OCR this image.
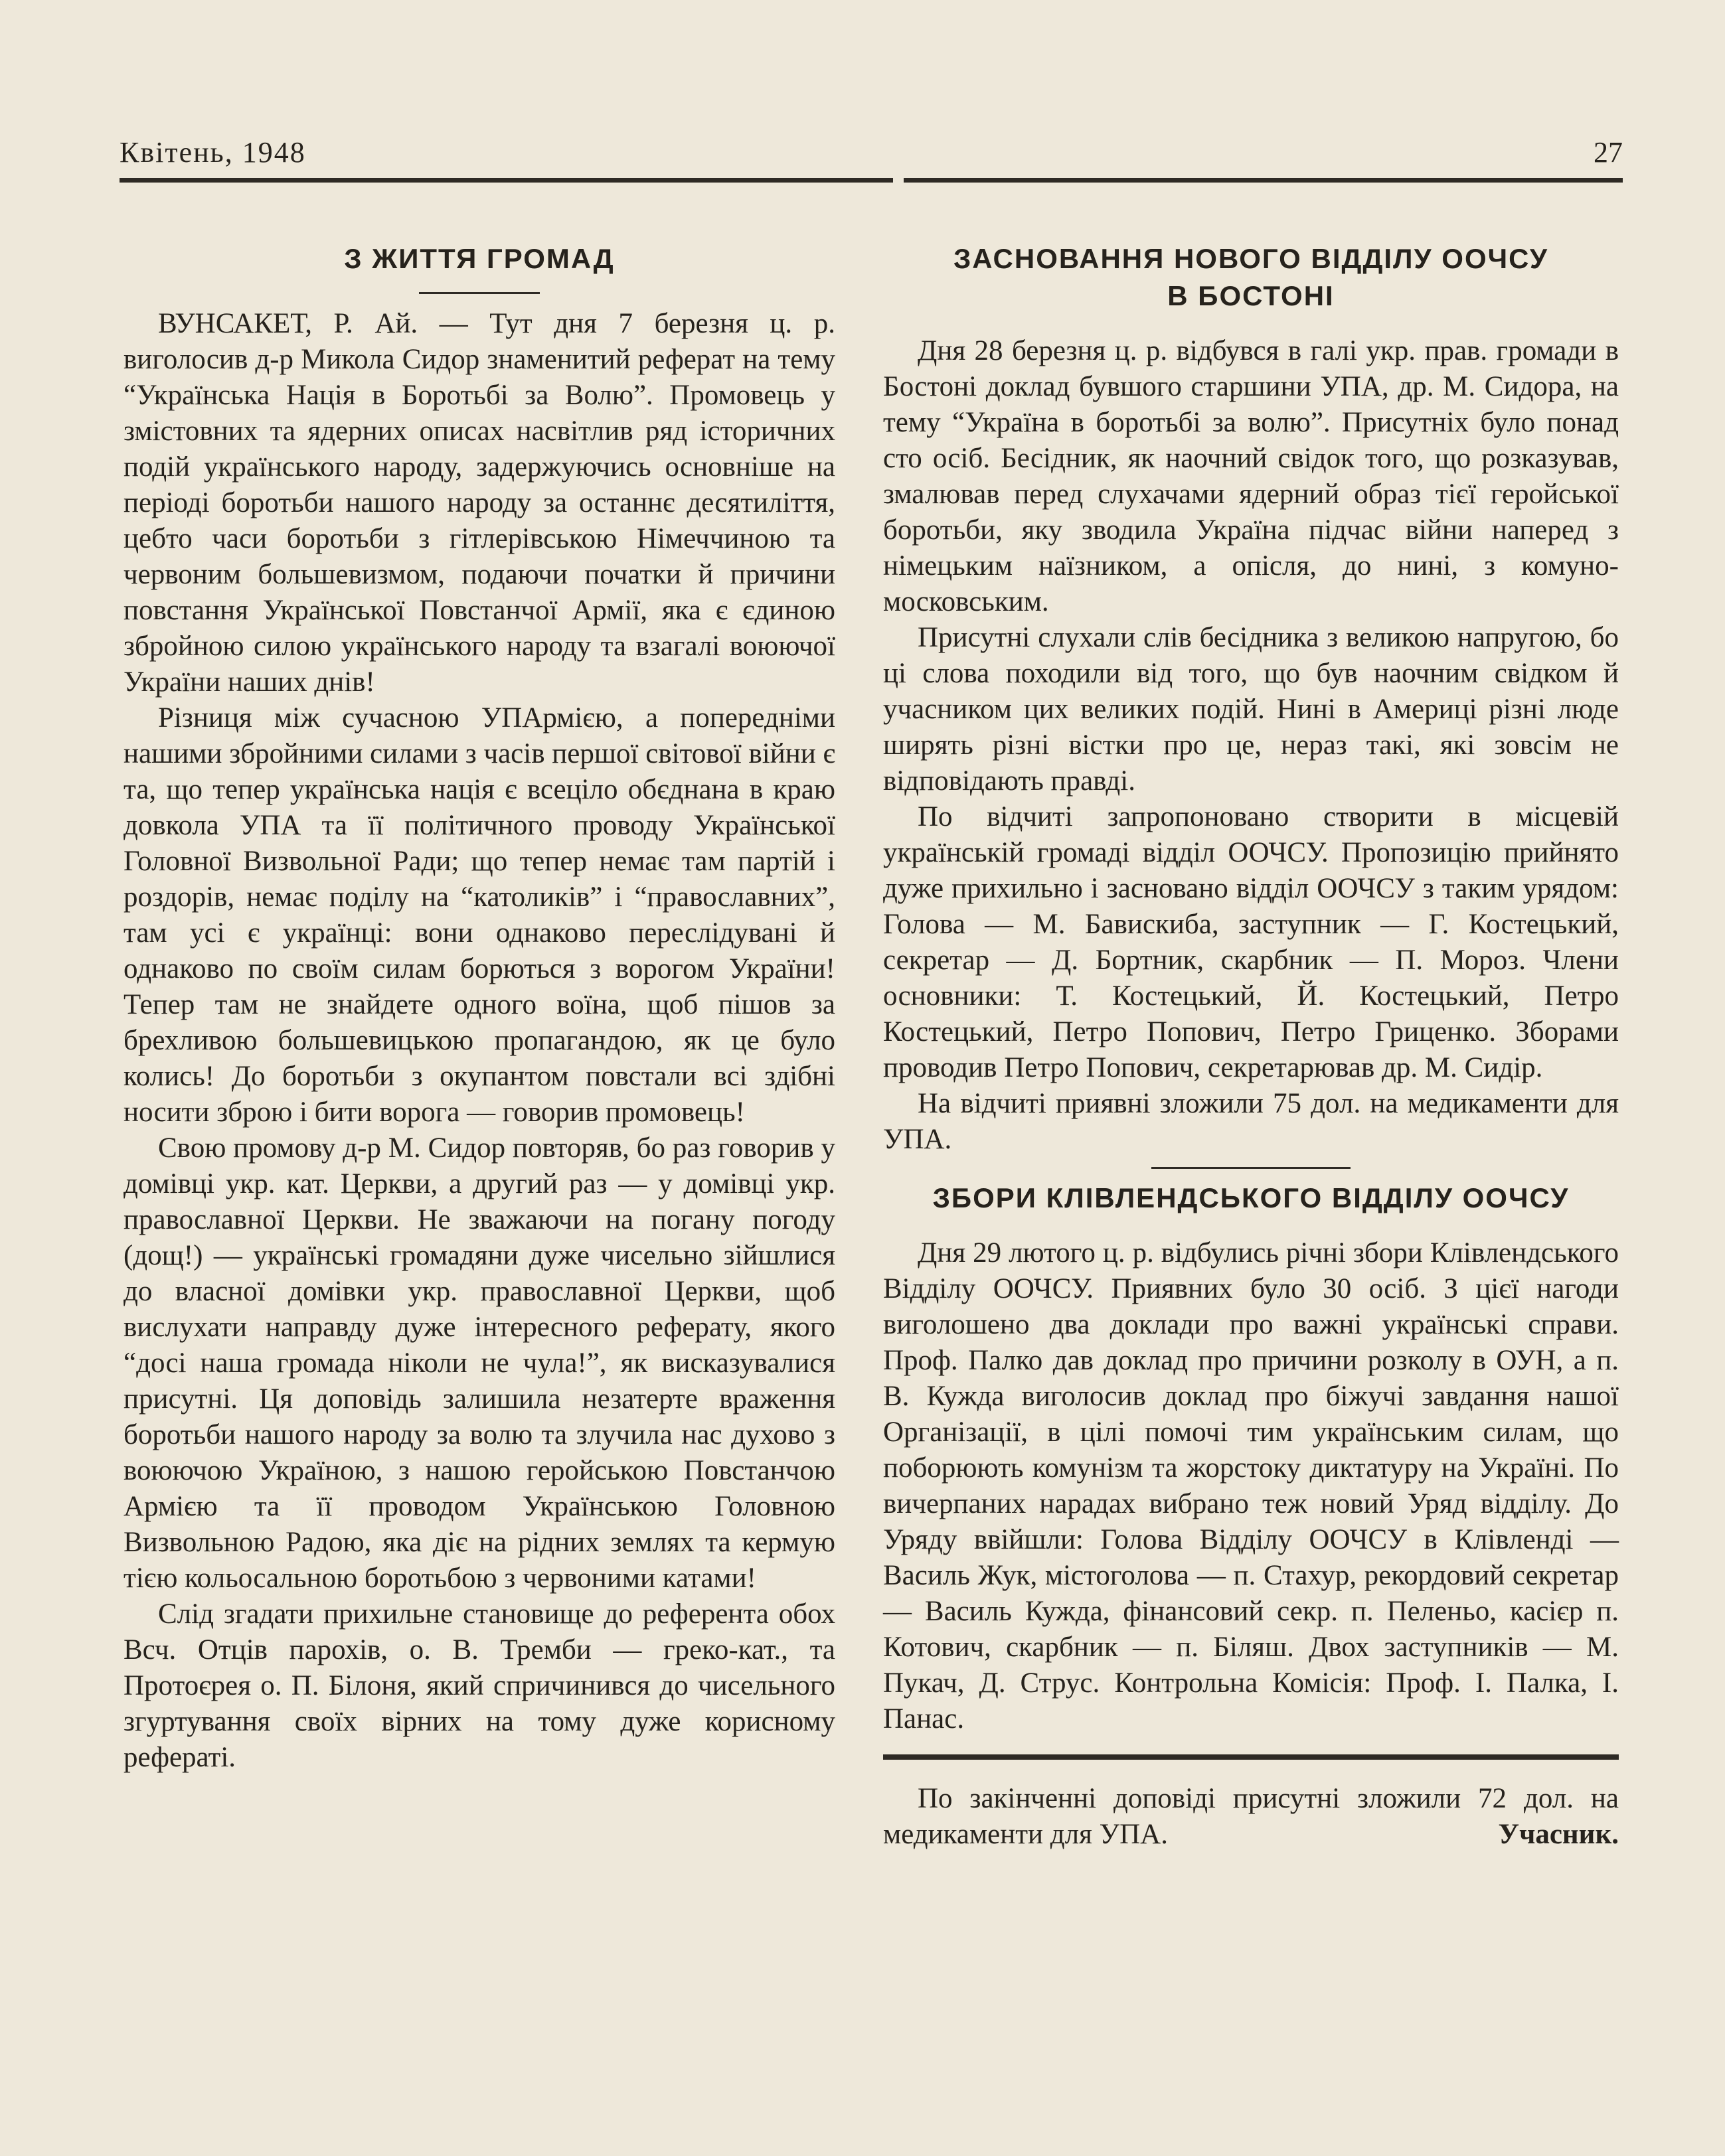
Квітень, 1948	27

З ЖИТТЯ ГРОМАД

ВУНСАКЕТ, Р. Ай. — Тут дня 7 березня ц. р. виголосив д-р Микола Сидор знаменитий реферат на тему “Українська Нація в Боротьбі за Волю”. Промовець у змістовних та ядерних описах насвітлив ряд історичних подій українського народу, задержуючись основніше на періоді боротьби нашого народу за останнє десятиліття, цебто часи боротьби з гітлерівською Німеччиною та червоним большевизмом, подаючи початки й причини повстання Української Повстанчої Армії, яка є єдиною збройною силою українського народу та взагалі воюючої України наших днів!

Різниця між сучасною УПАрмією, а попередніми нашими збройними силами з часів першої світової війни є та, що тепер українська нація є всеціло обєднана в краю довкола УПА та її політичного проводу Української Головної Визвольної Ради; що тепер немає там партій і роздорів, немає поділу на “католиків” і “православних”, там усі є українці: вони однаково переслідувані й однаково по своїм силам борються з ворогом України! Тепер там не знайдете одного воїна, щоб пішов за брехливою большевицькою пропагандою, як це було колись! До боротьби з окупантом повстали всі здібні носити зброю і бити ворога — говорив промовець!

Свою промову д-р М. Сидор повторяв, бо раз говорив у домівці укр. кат. Церкви, а другий раз — у домівці укр. православної Церкви. Не зважаючи на погану погоду (дощ!) — українські громадяни дуже чисельно зійшлися до власної домівки укр. православної Церкви, щоб вислухати направду дуже інтересного реферату, якого “досі наша громада ніколи не чула!”, як висказувалися присутні. Ця доповідь залишила незатерте враження боротьби нашого народу за волю та злучила нас духово з воюючою Україною, з нашою геройською Повстанчою Армією та її проводом Українською Головною Визвольною Радою, яка діє на рідних землях та кермую тією кольосальною боротьбою з червоними катами!

Слід згадати прихильне становище до референта обох Всч. Отців парохів, о. В. Тремби — греко-кат., та Протоєрея о. П. Білоня, який спричинився до чисельного згуртування своїх вірних на тому дуже корисному рефераті.

ЗАСНОВАННЯ НОВОГО ВІДДІЛУ ООЧСУ
В БОСТОНІ

Дня 28 березня ц. р. відбувся в галі укр. прав. громади в Бостоні доклад бувшого старшини УПА, др. М. Сидора, на тему “Україна в боротьбі за волю”. Присутніх було понад сто осіб. Бесідник, як наочний свідок того, що розказував, змалював перед слухачами ядерний образ тієї геройської боротьби, яку зводила Україна підчас війни наперед з німецьким наїзником, а опісля, до нині, з комуно-московським.

Присутні слухали слів бесідника з великою напругою, бо ці слова походили від того, що був наочним свідком й учасником цих великих подій. Нині в Америці різні люде ширять різні вістки про це, нераз такі, які зовсім не відповідають правді.

По відчиті запропоновано створити в місцевій українській громаді відділ ООЧСУ. Пропозицію прийнято дуже прихильно і засновано відділ ООЧСУ з таким урядом: Голова — М. Бавискиба, заступник — Г. Костецький, секретар — Д. Бортник, скарбник — П. Мороз. Члени основники: Т. Костецький, Й. Костецький, Петро Костецький, Петро Попович, Петро Гриценко. Зборами проводив Петро Попович, секретарював др. М. Сидір.

На відчиті приявні зложили 75 дол. на медикаменти для УПА.

ЗБОРИ КЛІВЛЕНДСЬКОГО ВІДДІЛУ ООЧСУ

Дня 29 лютого ц. р. відбулись річні збори Клівлендського Відділу ООЧСУ. Приявних було 30 осіб. З цієї нагоди виголошено два доклади про важні українські справи. Проф. Палко дав доклад про причини розколу в ОУН, а п. В. Кужда виголосив доклад про біжучі завдання нашої Організації, в цілі помочі тим українським силам, що поборюють комунізм та жорстоку диктатуру на Україні. По вичерпаних нарадах вибрано теж новий Уряд відділу. До Уряду ввійшли: Голова Відділу ООЧСУ в Клівленді — Василь Жук, містоголова — п. Стахур, рекордовий секретар — Василь Кужда, фінансовий секр. п. Пеленьо, касієр п. Котович, скарбник — п. Біляш. Двох заступників — М. Пукач, Д. Струс. Контрольна Комісія: Проф. І. Палка, І. Панас.

По закінченні доповіді присутні зложили 72 дол. на медикаменти для УПА.	Учасник.
